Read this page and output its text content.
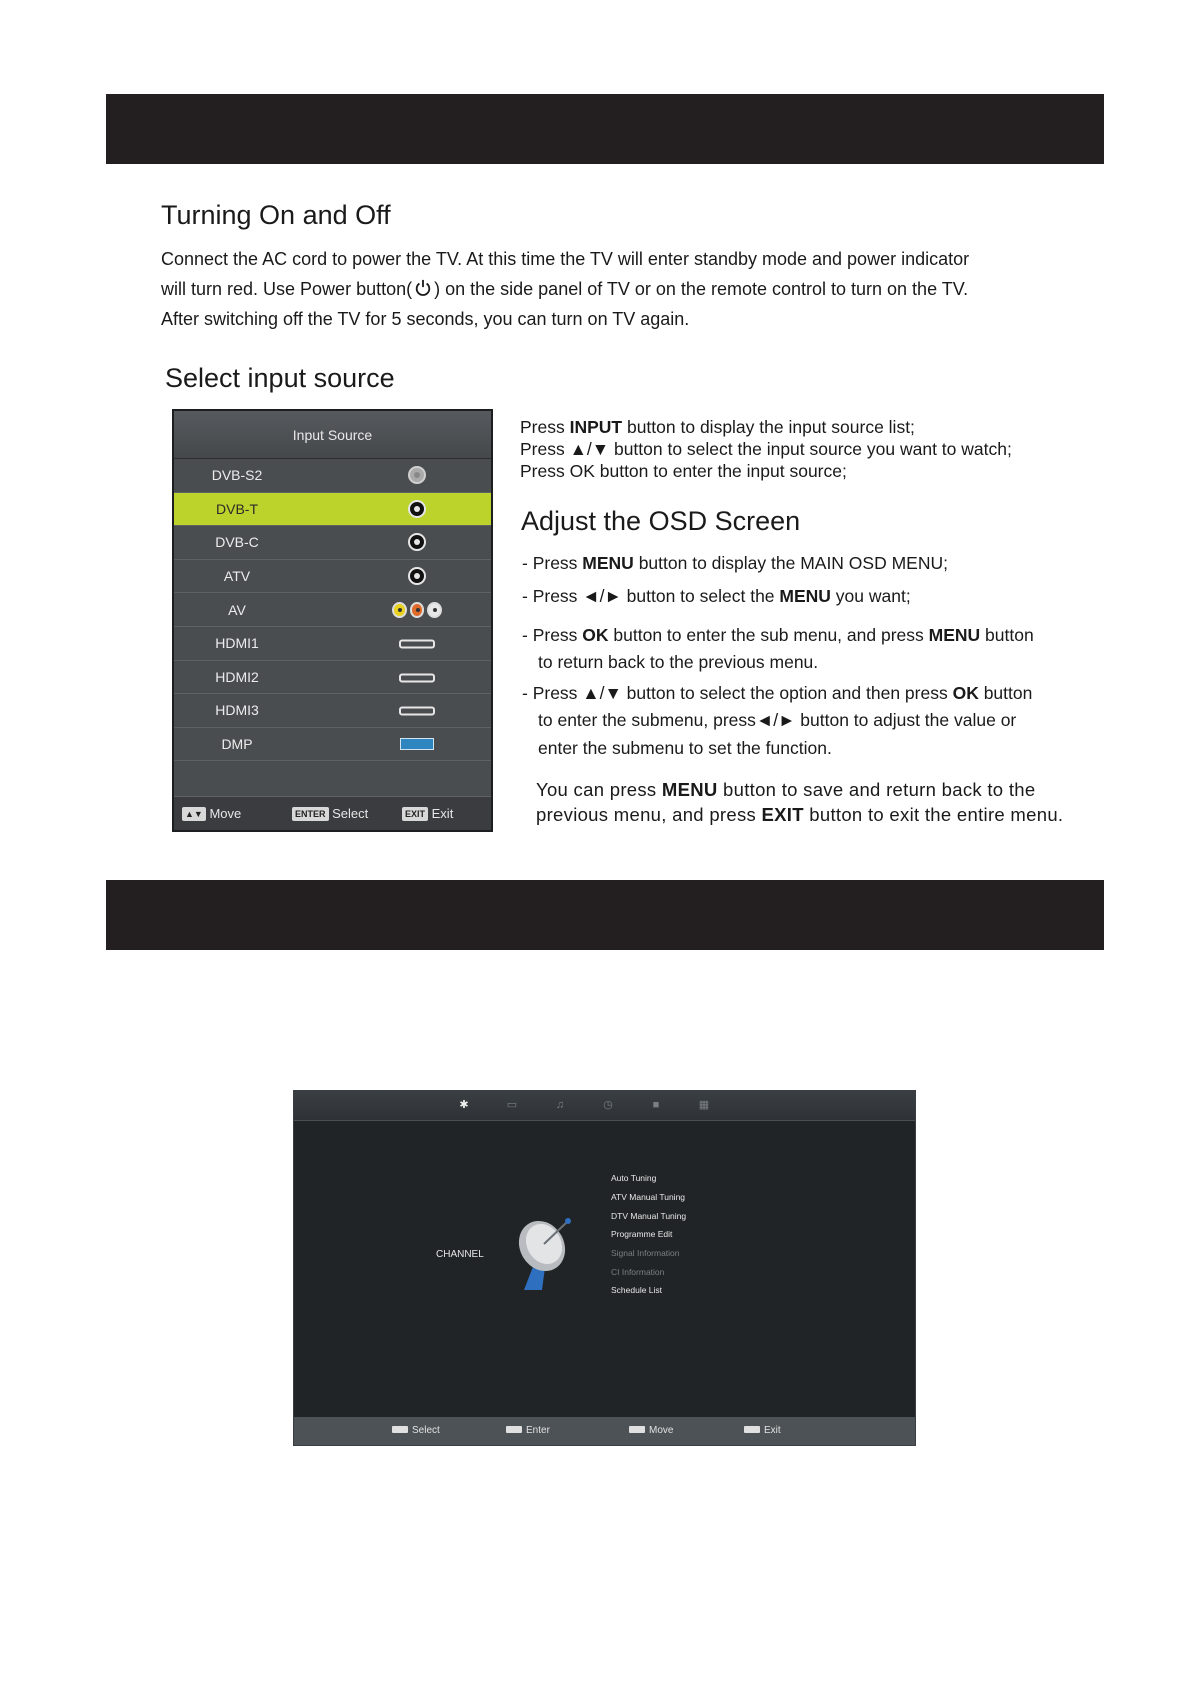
Turning On and Off

Connect the AC cord to power the TV. At this time the TV will enter standby mode and power indicator

will turn red. Use Power button( ) on the side panel of TV or on the remote control to turn on the TV.

After switching off the TV for 5 seconds, you can turn on TV again.

Select input source
Input Source
DVB-S2
DVB-T
DVB-C
ATV
AV
HDMI1
HDMI2
HDMI3
DMP
▲▼ Move	ENTER Select	EXIT Exit
Press INPUT button to display the input source list;
Press ▲/▼ button to select the input source you want to watch;
Press OK button to enter the input source;
Adjust the OSD Screen
- Press MENU button to display the MAIN OSD MENU;
- Press ◄/► button to select the MENU you want;
- Press OK button to enter the sub menu, and press MENU button
to return back to the previous menu.
- Press ▲/▼ button to select the option and then press OK button
to enter the submenu, press◄/► button to adjust the value or
enter the submenu to set the function.
You can press MENU button to save and return back to the
previous menu, and press EXIT button to exit the entire menu.
✱	▭	♫	◷	■	▦
CHANNEL
Auto Tuning
ATV Manual Tuning
DTV Manual Tuning
Programme Edit
Signal Information
CI Information
Schedule List
Select	Enter	Move	Exit
